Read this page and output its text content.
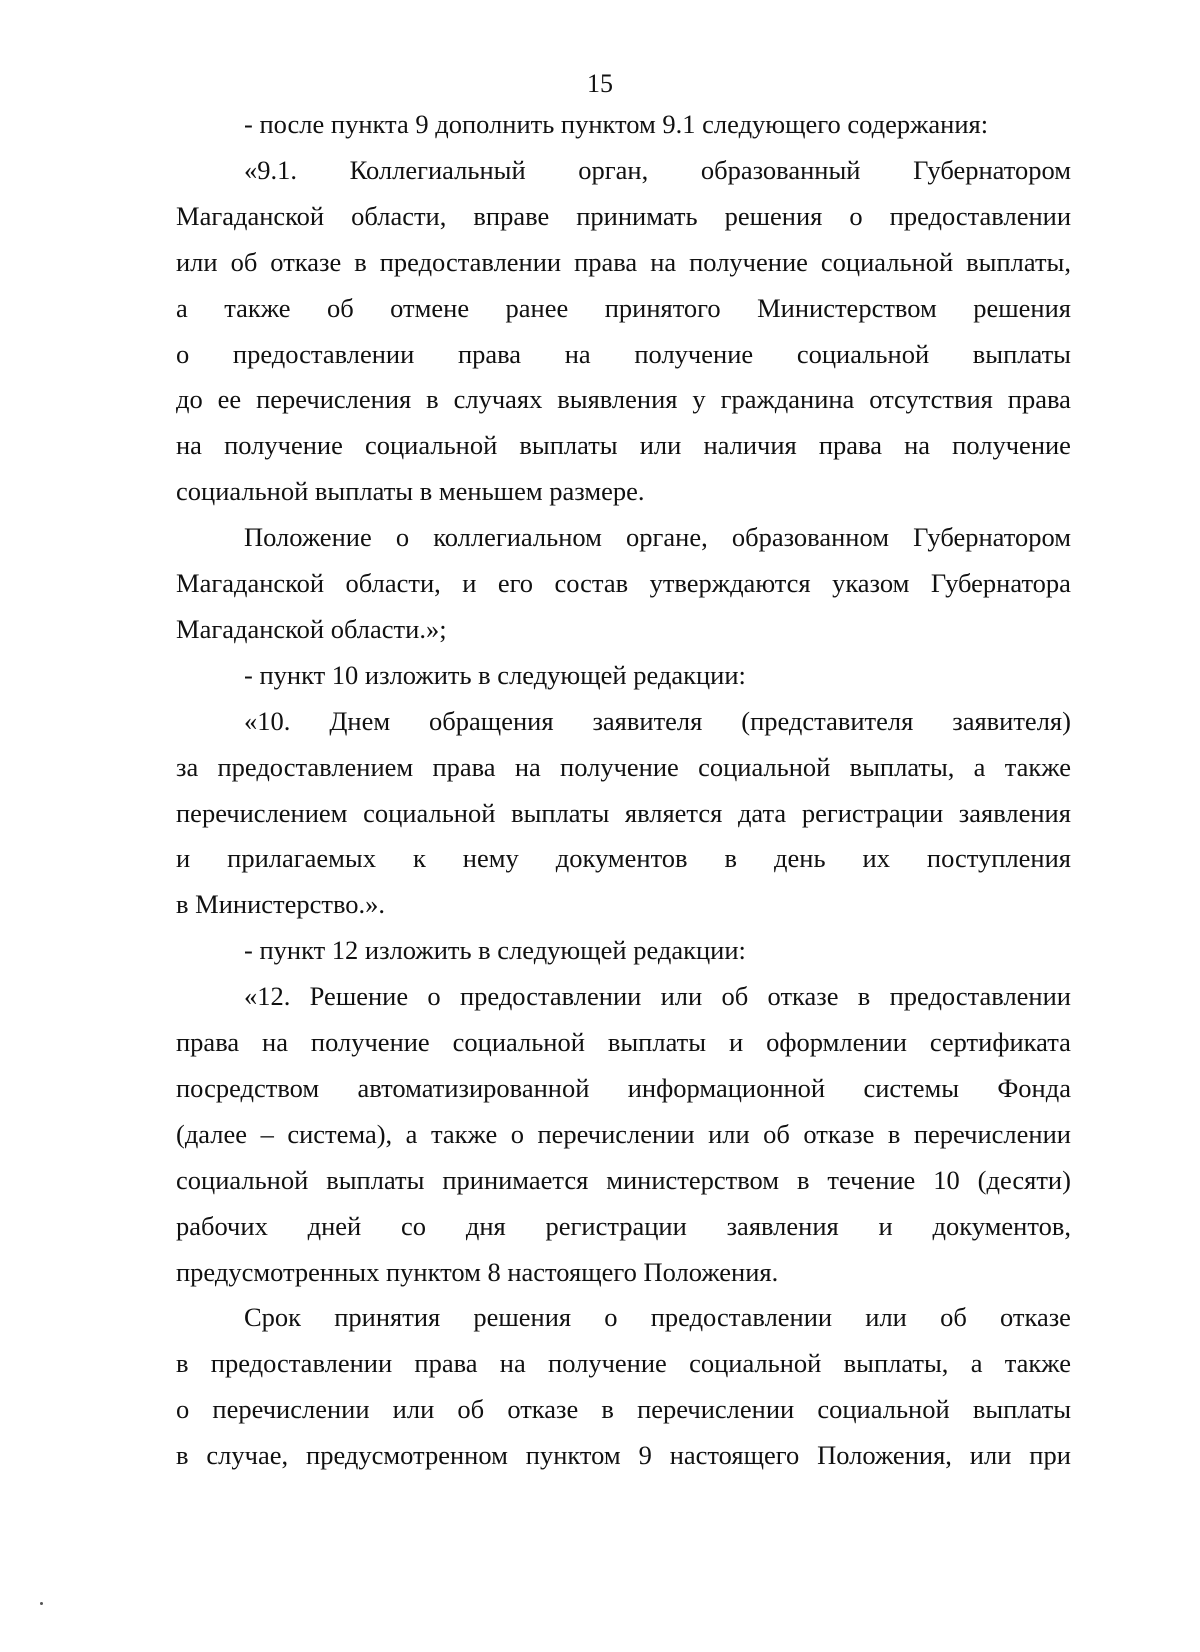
15
- после пункта 9 дополнить пунктом 9.1 следующего содержания:
«9.1. Коллегиальный орган, образованный Губернатором
Магаданской области, вправе принимать решения о предоставлении
или об отказе в предоставлении права на получение социальной выплаты,
а также об отмене ранее принятого Министерством решения
о предоставлении права на получение социальной выплаты
до ее перечисления в случаях выявления у гражданина отсутствия права
на получение социальной выплаты или наличия права на получение
социальной выплаты в меньшем размере.
Положение о коллегиальном органе, образованном Губернатором
Магаданской области, и его состав утверждаются указом Губернатора
Магаданской области.»;
- пункт 10 изложить в следующей редакции:
«10. Днем обращения заявителя (представителя заявителя)
за предоставлением права на получение социальной выплаты, а также
перечислением социальной выплаты является дата регистрации заявления
и прилагаемых к нему документов в день их поступления
в Министерство.».
- пункт 12 изложить в следующей редакции:
«12. Решение о предоставлении или об отказе в предоставлении
права на получение социальной выплаты и оформлении сертификата
посредством автоматизированной информационной системы Фонда
(далее – система), а также о перечислении или об отказе в перечислении
социальной выплаты принимается министерством в течение 10 (десяти)
рабочих дней со дня регистрации заявления и документов,
предусмотренных пунктом 8 настоящего Положения.
Срок принятия решения о предоставлении или об отказе
в предоставлении права на получение социальной выплаты, а также
о перечислении или об отказе в перечислении социальной выплаты
в случае, предусмотренном пунктом 9 настоящего Положения, или при
